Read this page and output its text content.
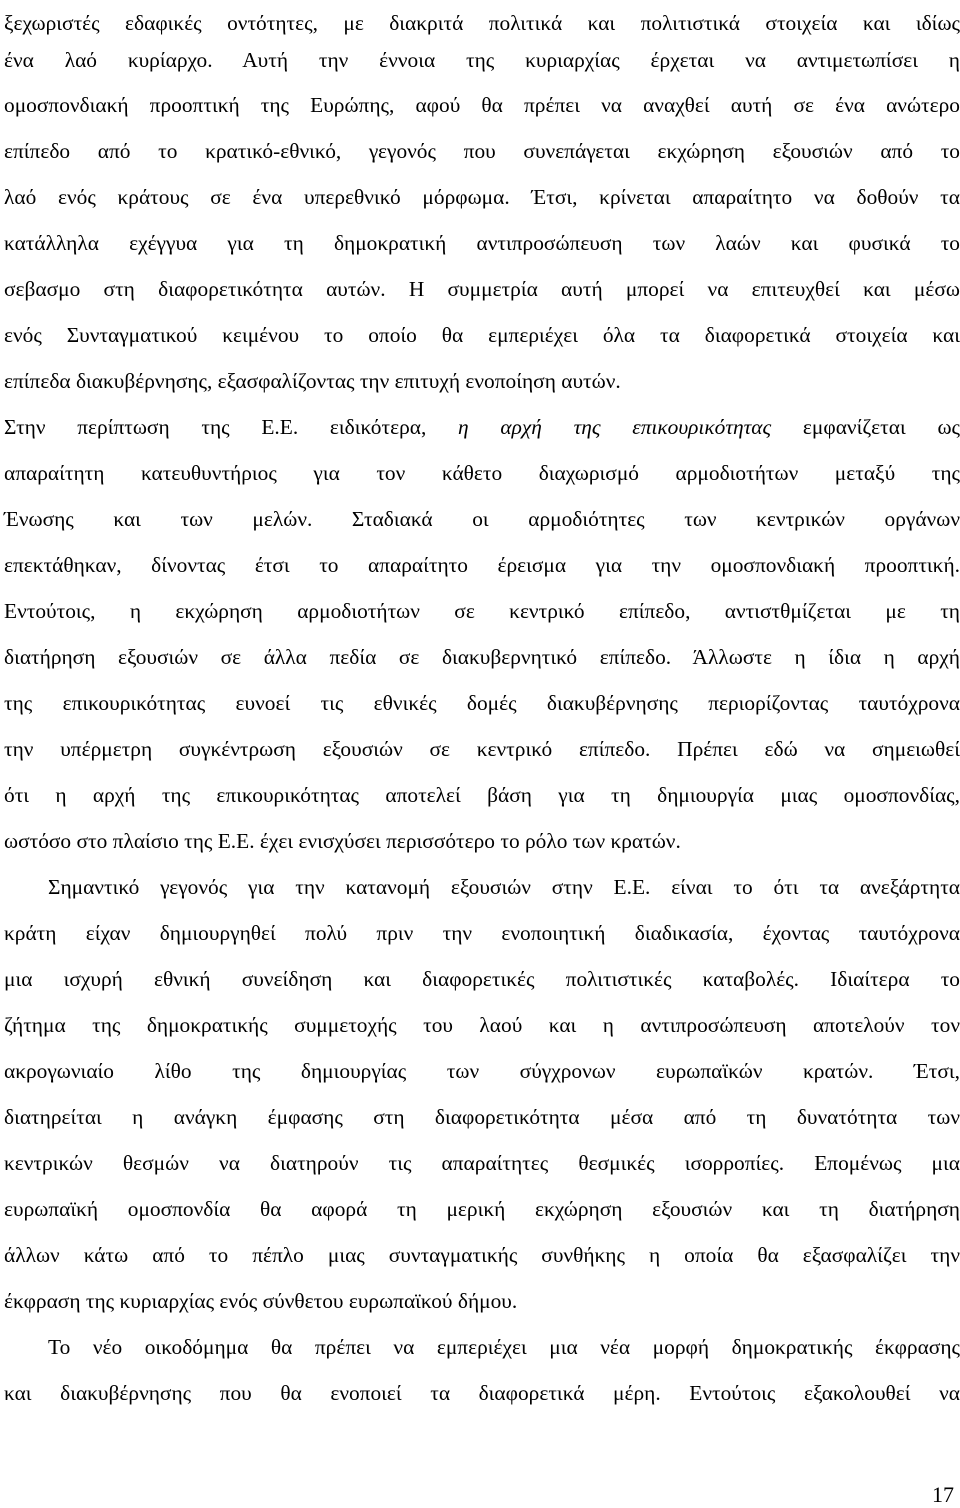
ξεχωριστές εδαφικές οντότητες, με διακριτά πολιτικά και πολιτιστικά στοιχεία και ιδίως
ένα λαό κυρίαρχο. Αυτή την έννοια της κυριαρχίας έρχεται να αντιμετωπίσει η
ομοσπονδιακή προοπτική της Ευρώπης, αφού θα πρέπει να αναχθεί αυτή σε ένα ανώτερο
επίπεδο από το κρατικό-εθνικό, γεγονός που συνεπάγεται εκχώρηση εξουσιών από το
λαό ενός κράτους σε ένα υπερεθνικό μόρφωμα. Έτσι, κρίνεται απαραίτητο να δοθούν τα
κατάλληλα εχέγγυα για τη δημοκρατική αντιπροσώπευση των λαών και φυσικά το
σεβασμο στη διαφορετικότητα αυτών. Η συμμετρία αυτή μπορεί να επιτευχθεί και μέσω
ενός Συνταγματικού κειμένου το οποίο θα εμπεριέχει όλα τα διαφορετικά στοιχεία και
επίπεδα διακυβέρνησης, εξασφαλίζοντας την επιτυχή ενοποίηση αυτών.
Στην περίπτωση της Ε.Ε. ειδικότερα, η αρχή της επικουρικότητας εμφανίζεται ως
απαραίτητη κατευθυντήριος για τον κάθετο διαχωρισμό αρμοδιοτήτων μεταξύ της
Ένωσης και των μελών. Σταδιακά οι αρμοδιότητες των κεντρικών οργάνων
επεκτάθηκαν, δίνοντας έτσι το απαραίτητο έρεισμα για την ομοσπονδιακή προοπτική.
Εντούτοις, η εκχώρηση αρμοδιοτήτων σε κεντρικό επίπεδο, αντιστθμίζεται με τη
διατήρηση εξουσιών σε άλλα πεδία σε διακυβερνητικό επίπεδο. Άλλωστε η ίδια η αρχή
της επικουρικότητας ευνοεί τις εθνικές δομές διακυβέρνησης περιορίζοντας ταυτόχρονα
την υπέρμετρη συγκέντρωση εξουσιών σε κεντρικό επίπεδο. Πρέπει εδώ να σημειωθεί
ότι η αρχή της επικουρικότητας αποτελεί βάση για τη δημιουργία μιας ομοσπονδίας,
ωστόσο στο πλαίσιο της Ε.Ε. έχει ενισχύσει περισσότερο το ρόλο των κρατών.
Σημαντικό γεγονός για την κατανομή εξουσιών στην Ε.Ε. είναι το ότι τα ανεξάρτητα
κράτη είχαν δημιουργηθεί πολύ πριν την ενοποιητική διαδικασία, έχοντας ταυτόχρονα
μια ισχυρή εθνική συνείδηση και διαφορετικές πολιτιστικές καταβολές. Ιδιαίτερα το
ζήτημα της δημοκρατικής συμμετοχής του λαού και η αντιπροσώπευση αποτελούν τον
ακρογωνιαίο λίθο της δημιουργίας των σύγχρονων ευρωπαϊκών κρατών. Έτσι,
διατηρείται η ανάγκη έμφασης στη διαφορετικότητα μέσα από τη δυνατότητα των
κεντρικών θεσμών να διατηρούν τις απαραίτητες θεσμικές ισορροπίες. Επομένως μια
ευρωπαϊκή ομοσπονδία θα αφορά τη μερική εκχώρηση εξουσιών και τη διατήρηση
άλλων κάτω από το πέπλο μιας συνταγματικής συνθήκης η οποία θα εξασφαλίζει την
έκφραση της κυριαρχίας ενός σύνθετου ευρωπαϊκού δήμου.
Το νέο οικοδόμημα θα πρέπει να εμπεριέχει μια νέα μορφή δημοκρατικής έκφρασης
και διακυβέρνησης που θα ενοποιεί τα διαφορετικά μέρη. Εντούτοις εξακολουθεί να
17
